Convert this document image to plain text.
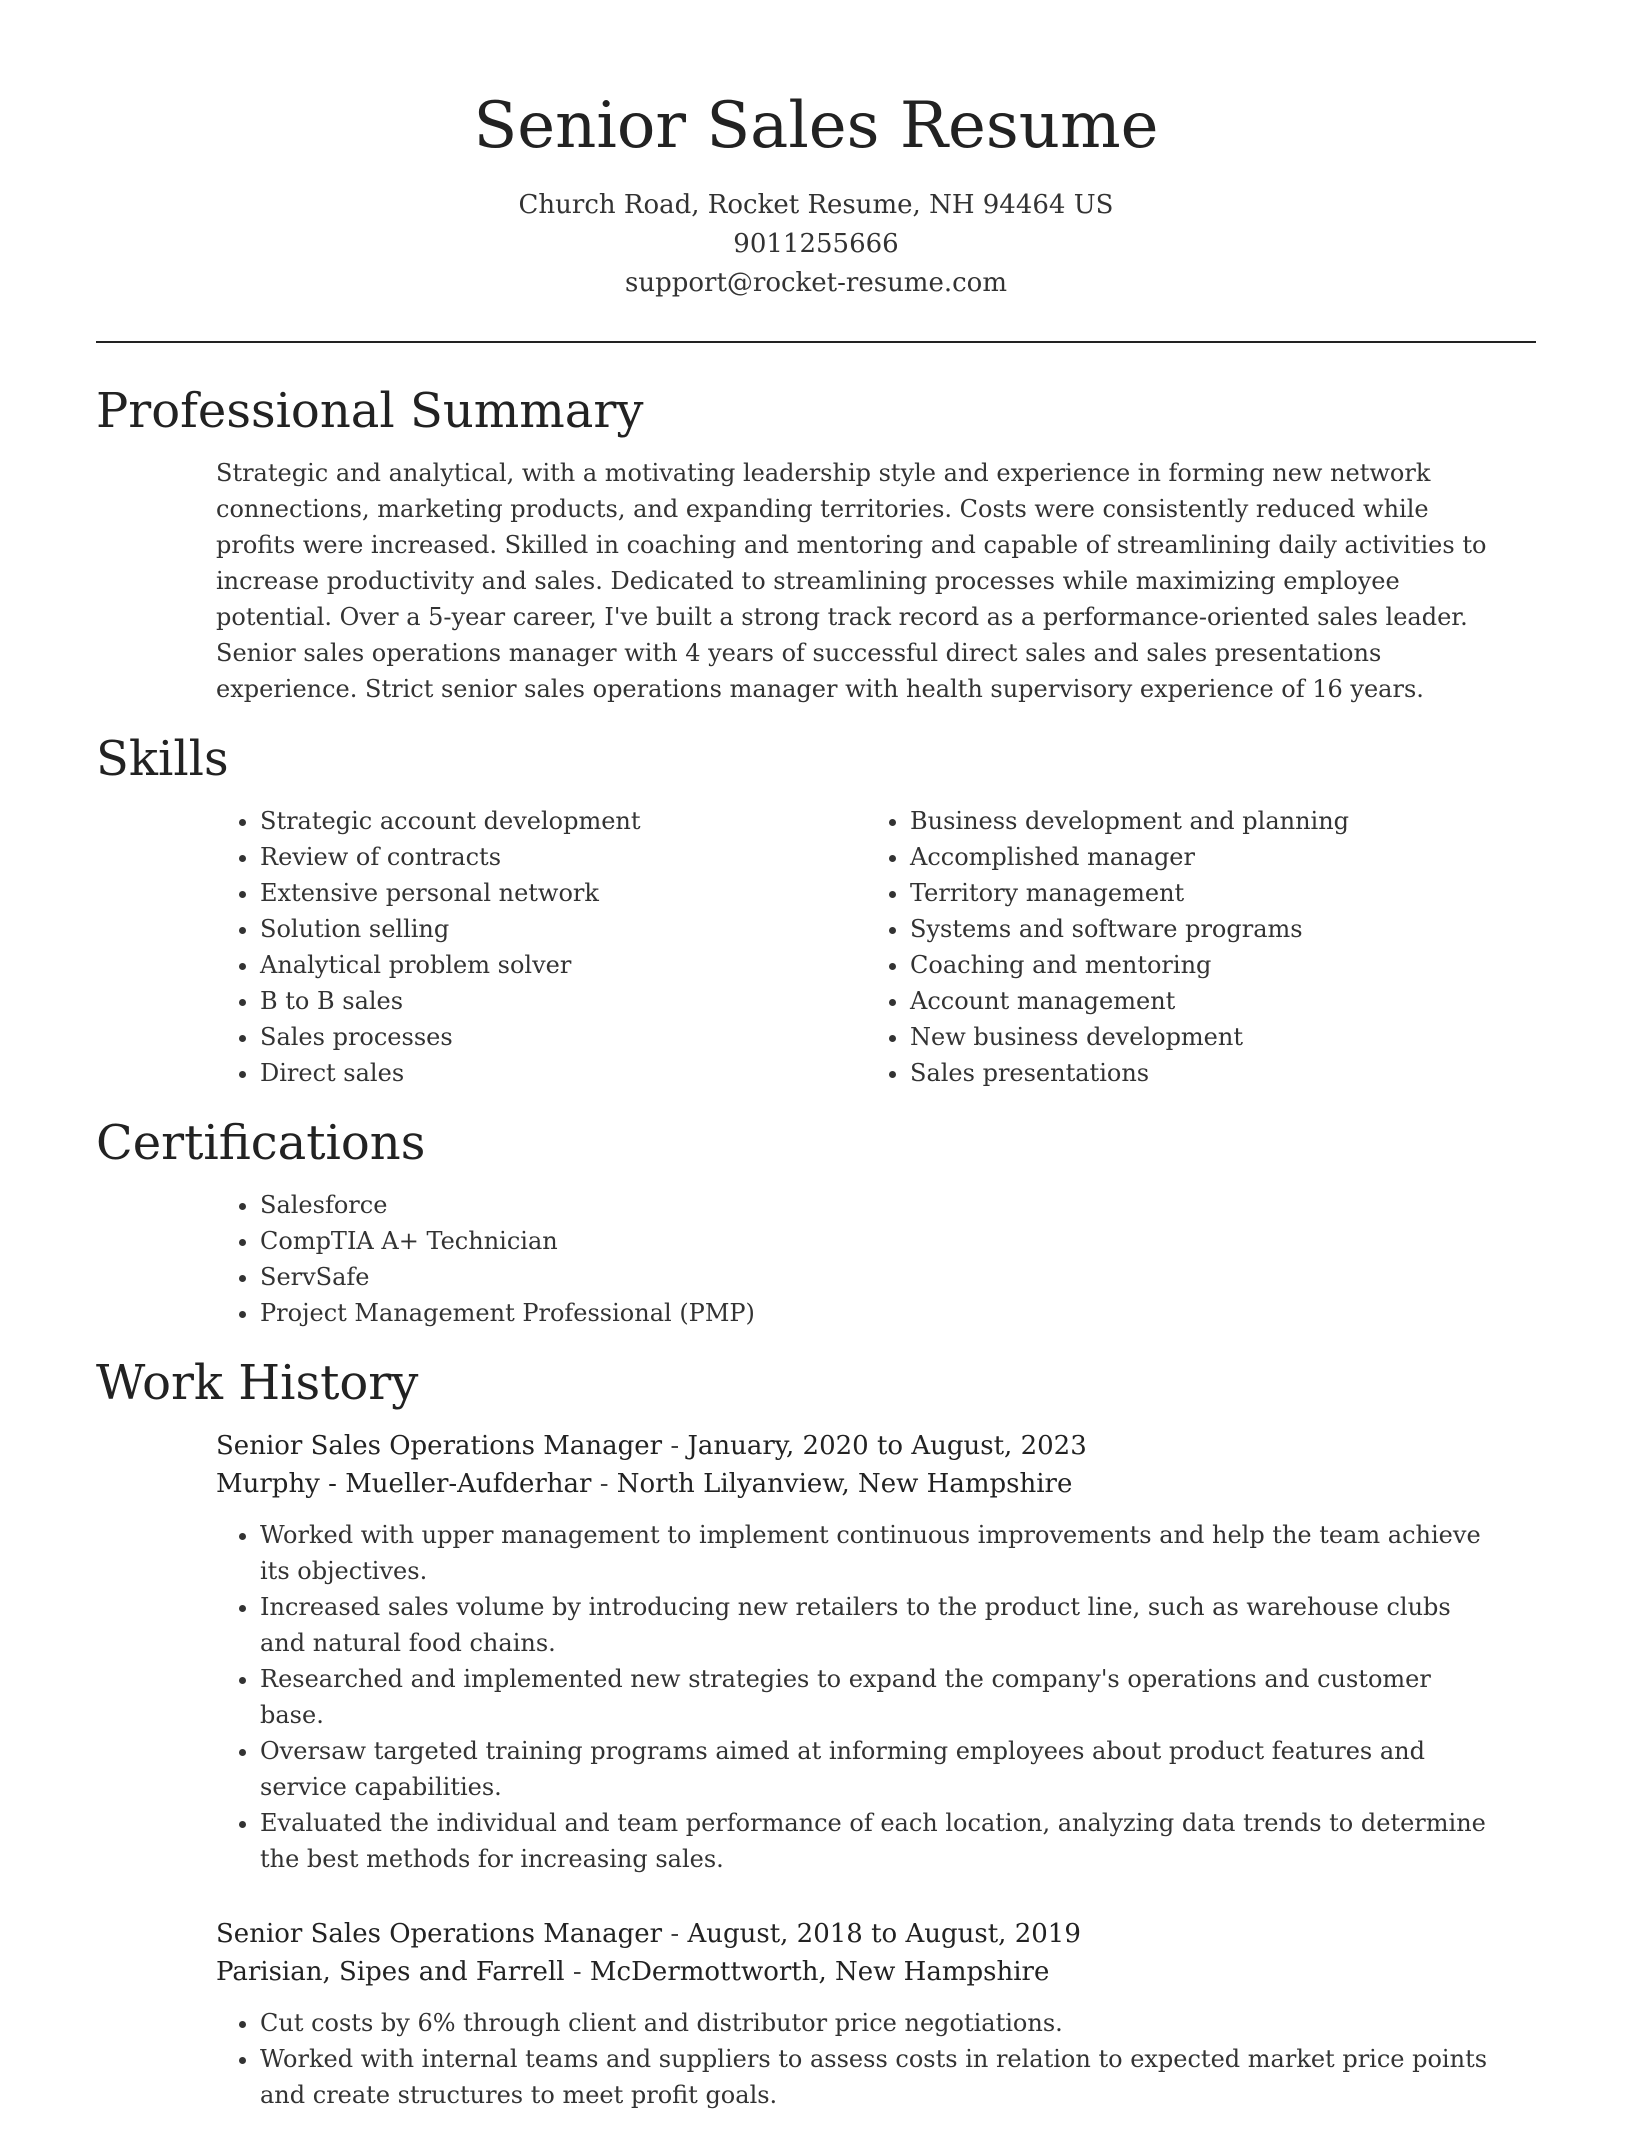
Senior Sales Resume
Church Road, Rocket Resume, NH 94464 US
9011255666
support@rocket-resume.com
Professional Summary

Strategic and analytical, with a motivating leadership style and experience in forming new network connections, marketing products, and expanding territories. Costs were consistently reduced while profits were increased. Skilled in coaching and mentoring and capable of streamlining daily activities to increase productivity and sales. Dedicated to streamlining processes while maximizing employee potential. Over a 5-year career, I've built a strong track record as a performance-oriented sales leader. Senior sales operations manager with 4 years of successful direct sales and sales presentations experience. Strict senior sales operations manager with health supervisory experience of 16 years.

Skills
• Strategic account development
• Review of contracts
• Extensive personal network
• Solution selling
• Analytical problem solver
• B to B sales
• Sales processes
• Direct sales
• Business development and planning
• Accomplished manager
• Territory management
• Systems and software programs
• Coaching and mentoring
• Account management
• New business development
• Sales presentations
Certifications
• Salesforce
• CompTIA A+ Technician
• ServSafe
• Project Management Professional (PMP)
Work History
Senior Sales Operations Manager - January, 2020 to August, 2023
Murphy - Mueller-Aufderhar - North Lilyanview, New Hampshire
• Worked with upper management to implement continuous improvements and help the team achieve its objectives.
• Increased sales volume by introducing new retailers to the product line, such as warehouse clubs and natural food chains.
• Researched and implemented new strategies to expand the company's operations and customer base.
• Oversaw targeted training programs aimed at informing employees about product features and service capabilities.
• Evaluated the individual and team performance of each location, analyzing data trends to determine the best methods for increasing sales.
Senior Sales Operations Manager - August, 2018 to August, 2019
Parisian, Sipes and Farrell - McDermottworth, New Hampshire
• Cut costs by 6% through client and distributor price negotiations.
• Worked with internal teams and suppliers to assess costs in relation to expected market price points and create structures to meet profit goals.
